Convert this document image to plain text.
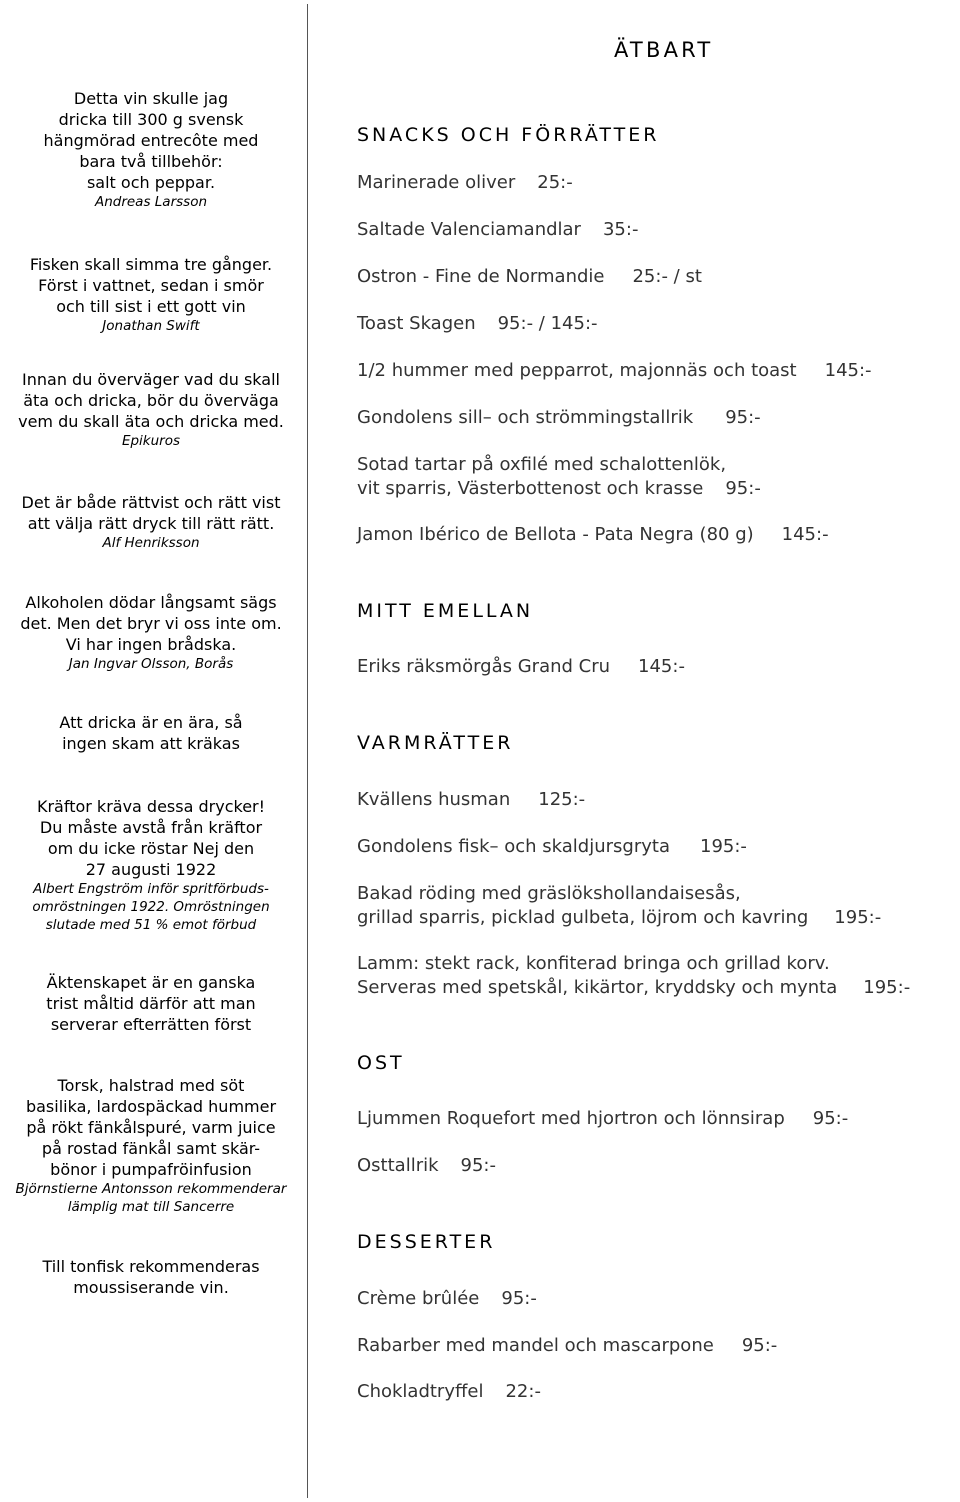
Detta vin skulle jag
dricka till 300 g svensk
hängmörad entrecôte med
bara två tillbehör:
salt och peppar.
Andreas Larsson
Fisken skall simma tre gånger.
Först i vattnet, sedan i smör
och till sist i ett gott vin
Jonathan Swift
Innan du överväger vad du skall
äta och dricka, bör du överväga
vem du skall äta och dricka med.
Epikuros
Det är både rättvist och rätt vist
att välja rätt dryck till rätt rätt.
Alf Henriksson
Alkoholen dödar långsamt sägs
det. Men det bryr vi oss inte om.
Vi har ingen brådska.
Jan Ingvar Olsson, Borås
Att dricka är en ära, så
ingen skam att kräkas
Kräftor kräva dessa drycker!
Du måste avstå från kräftor
om du icke röstar Nej den
27 augusti 1922
Albert Engström inför spritförbuds-
omröstningen 1922. Omröstningen
slutade med 51 % emot förbud
Äktenskapet är en ganska
trist måltid därför att man
serverar efterrätten först
Torsk, halstrad med söt
basilika, lardospäckad hummer
på rökt fänkålspuré, varm juice
på rostad fänkål samt skär-
bönor i pumpafröinfusion
Björnstierne Antonsson rekommenderar
lämplig mat till Sancerre
Till tonfisk rekommenderas
moussiserande vin.
ÄTBART
SNACKS OCH FÖRRÄTTER
Marinerade oliver 25:-
Saltade Valenciamandlar 35:-
Ostron - Fine de Normandie 25:- / st
Toast Skagen 95:- / 145:-
1/2 hummer med pepparrot, majonnäs och toast 145:-
Gondolens sill– och strömmingstallrik 95:-
Sotad tartar på oxfilé med schalottenlök,
vit sparris, Västerbottenost och krasse 95:-
Jamon Ibérico de Bellota - Pata Negra (80 g) 145:-
MITT EMELLAN
Eriks räksmörgås Grand Cru 145:-
VARMRÄTTER
Kvällens husman 125:-
Gondolens fisk– och skaldjursgryta 195:-
Bakad röding med gräslökshollandaisesås,
grillad sparris, picklad gulbeta, löjrom och kavring 195:-
Lamm: stekt rack, konfiterad bringa och grillad korv.
Serveras med spetskål, kikärtor, kryddsky och mynta 195:-
OST
Ljummen Roquefort med hjortron och lönnsirap 95:-
Osttallrik 95:-
DESSERTER
Crème brûlée 95:-
Rabarber med mandel och mascarpone 95:-
Chokladtryffel 22:-
